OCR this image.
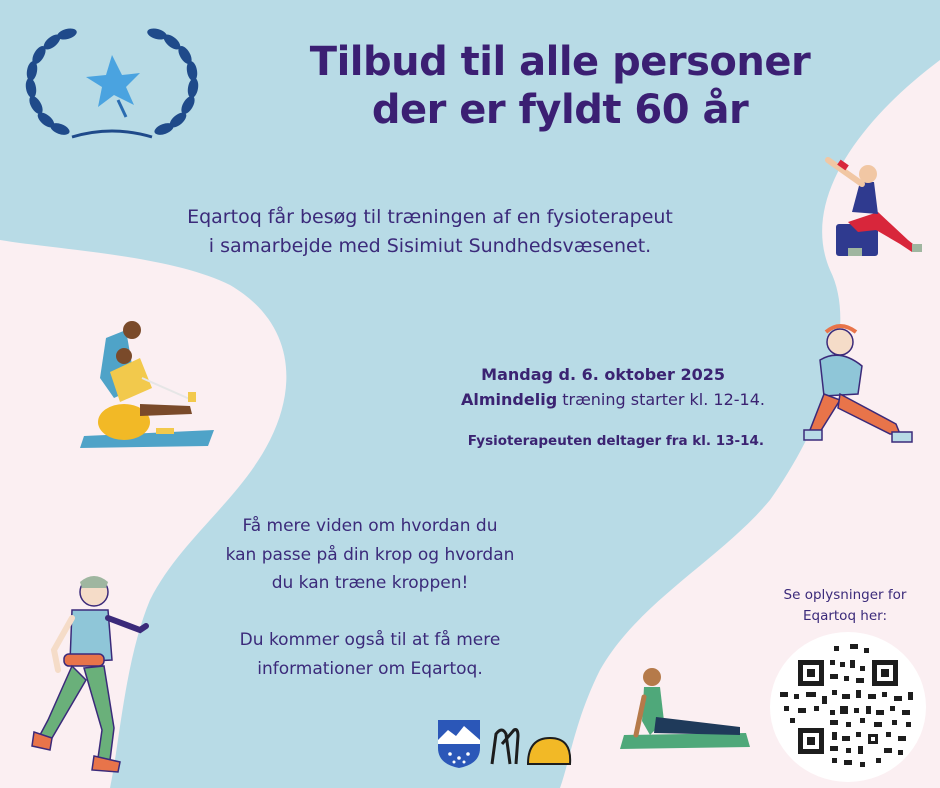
Tilbud til alle personer
der er fyldt 60 år
Eqartoq får besøg til træningen af en fysioterapeut
i samarbejde med Sisimiut Sundhedsvæsenet.
Mandag d. 6. oktober 2025
Almindelig træning starter kl. 12-14.
Fysioterapeuten deltager fra kl. 13-14.
Få mere viden om hvordan du
kan passe på din krop og hvordan
du kan træne kroppen!

Du kommer også til at få mere
informationer om Eqartoq.
Se oplysninger for
Eqartoq her:
